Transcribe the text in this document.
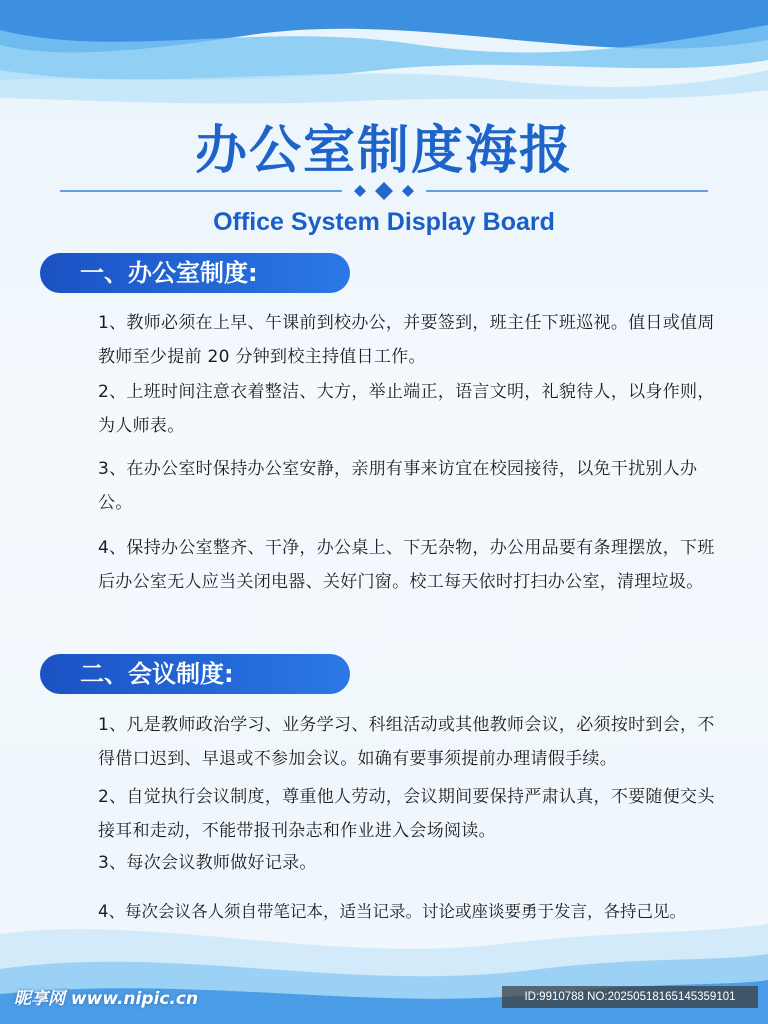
办公室制度海报
Office System Display Board
一、办公室制度:
1、教师必须在上早、午课前到校办公，并要签到，班主任下班巡视。值日或值周教师至少提前 20 分钟到校主持值日工作。
2、上班时间注意衣着整洁、大方，举止端正，语言文明，礼貌待人，以身作则，为人师表。
3、在办公室时保持办公室安静，亲朋有事来访宜在校园接待，以免干扰别人办公。
4、保持办公室整齐、干净，办公桌上、下无杂物，办公用品要有条理摆放，下班后办公室无人应当关闭电器、关好门窗。校工每天依时打扫办公室，清理垃圾。
二、会议制度:
1、凡是教师政治学习、业务学习、科组活动或其他教师会议，必须按时到会，不得借口迟到、早退或不参加会议。如确有要事须提前办理请假手续。
2、自觉执行会议制度，尊重他人劳动，会议期间要保持严肃认真，不要随便交头接耳和走动，不能带报刊杂志和作业进入会场阅读。
3、每次会议教师做好记录。
4、每次会议各人须自带笔记本，适当记录。讨论或座谈要勇于发言，各持己见。
昵享网 www.nipic.cn	ID:9910788 NO:20250518165145359101
